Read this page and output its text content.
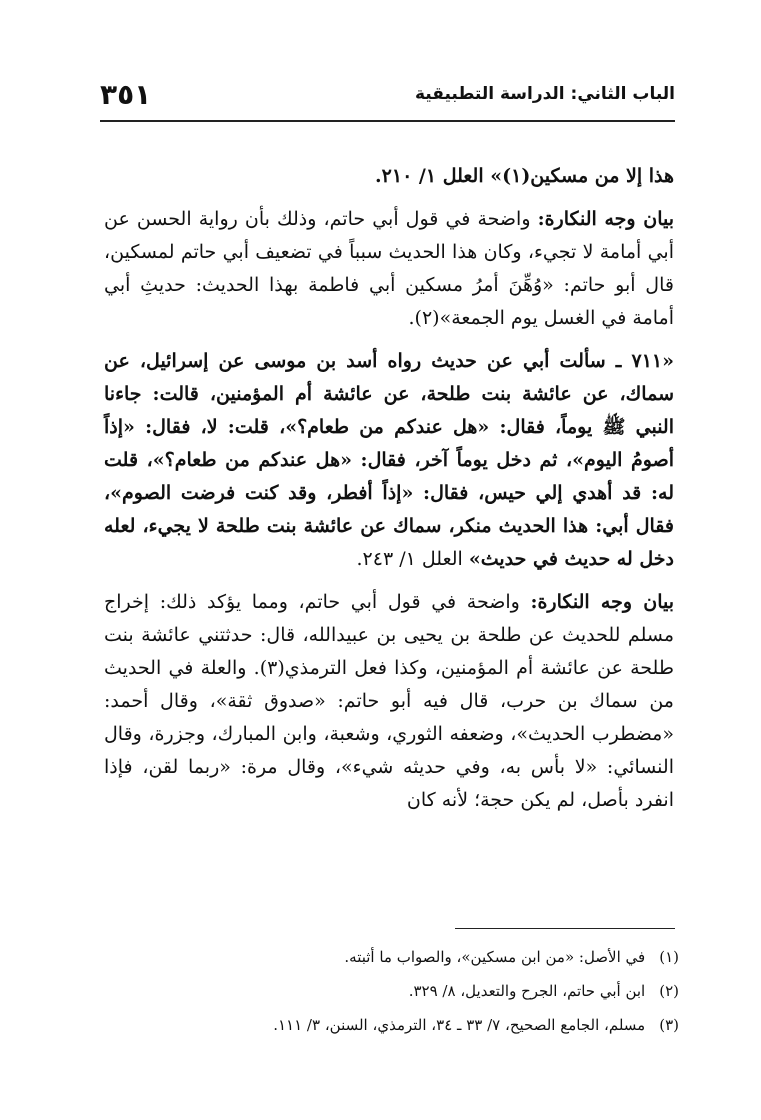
الباب الثاني: الدراسة التطبيقية
٣٥١

هذا إلا من مسكين(١)» العلل ١/ ٢١٠.

بيان وجه النكارة: واضحة في قول أبي حاتم، وذلك بأن رواية الحسن عن أبي أمامة لا تجيء، وكان هذا الحديث سبباً في تضعيف أبي حاتم لمسكين، قال أبو حاتم: «وُهِّنَ أمرُ مسكين أبي فاطمة بهذا الحديث: حديثِ أبي أمامة في الغسل يوم الجمعة»(٢).

«٧١١ ـ سألت أبي عن حديث رواه أسد بن موسى عن إسرائيل، عن سماك، عن عائشة بنت طلحة، عن عائشة أم المؤمنين، قالت: جاءنا النبي ﷺ يوماً، فقال: «هل عندكم من طعام؟»، قلت: لا، فقال: «إذاً أصومُ اليوم»، ثم دخل يوماً آخر، فقال: «هل عندكم من طعام؟»، قلت له: قد أهدي إلي حيس، فقال: «إذاً أفطر، وقد كنت فرضت الصوم»، فقال أبي: هذا الحديث منكر، سماك عن عائشة بنت طلحة لا يجيء، لعله دخل له حديث في حديث» العلل ١/ ٢٤٣.

بيان وجه النكارة: واضحة في قول أبي حاتم، ومما يؤكد ذلك: إخراج مسلم للحديث عن طلحة بن يحيى بن عبيدالله، قال: حدثتني عائشة بنت طلحة عن عائشة أم المؤمنين، وكذا فعل الترمذي(٣). والعلة في الحديث من سماك بن حرب، قال فيه أبو حاتم: «صدوق ثقة»، وقال أحمد: «مضطرب الحديث»، وضعفه الثوري، وشعبة، وابن المبارك، وجزرة، وقال النسائي: «لا بأس به، وفي حديثه شيء»، وقال مرة: «ربما لقن، فإذا انفرد بأصل، لم يكن حجة؛ لأنه كان

(١)في الأصل: «من ابن مسكين»، والصواب ما أثبته.
(٢)ابن أبي حاتم، الجرح والتعديل، ٨/ ٣٢٩.
(٣)مسلم، الجامع الصحيح، ٧/ ٣٣ ـ ٣٤، الترمذي، السنن، ٣/ ١١١.
